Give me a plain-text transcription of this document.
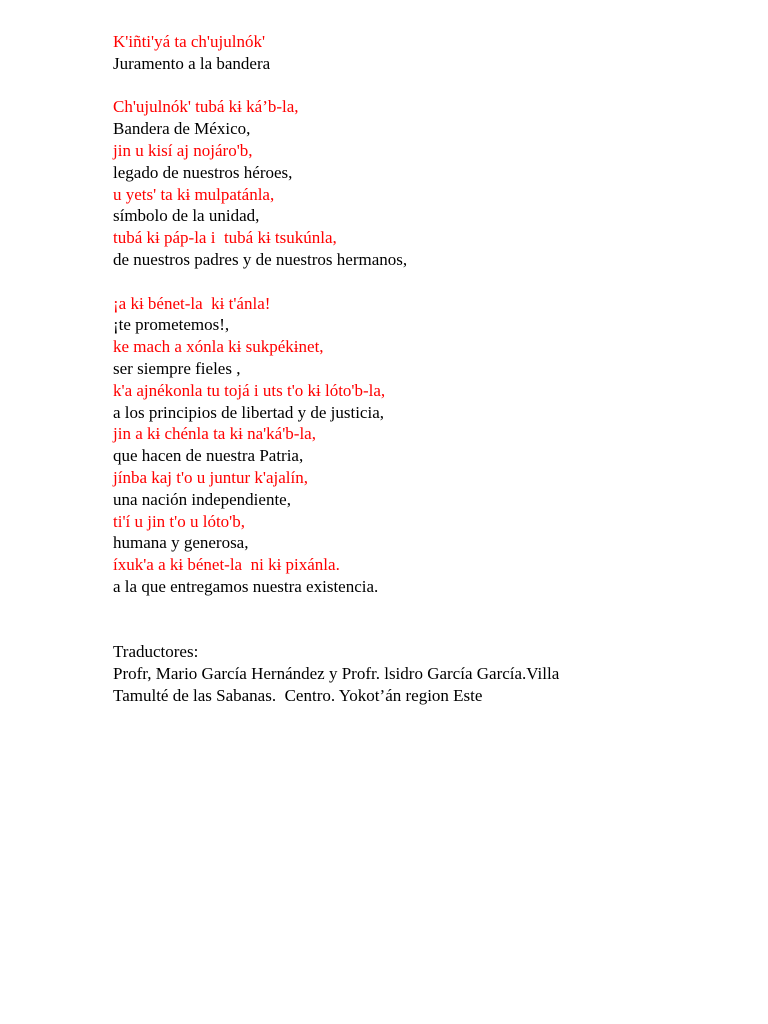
K'iñti'yá ta ch'ujulnók'
Juramento a la bandera
Ch'ujulnók' tubá kɨ ká’b-la,
Bandera de México,
jin u kisí aj nojáro'b,
legado de nuestros héroes,
u yets' ta kɨ mulpatánla,
símbolo de la unidad,
tubá kɨ páp-la i  tubá kɨ tsukúnla,
de nuestros padres y de nuestros hermanos,
¡a kɨ bénet-la  kɨ t'ánla!
¡te prometemos!,
ke mach a xónla kɨ sukpékɨnet,
ser siempre fieles ,
k'a ajnékonla tu tojá i uts t'o kɨ lóto'b-la,
a los principios de libertad y de justicia,
jin a kɨ chénla ta kɨ na'ká'b-la,
que hacen de nuestra Patria,
jínba kaj t'o u juntur k'ajalín,
una nación independiente,
ti'í u jin t'o u lóto'b,
humana y generosa,
íxuk'a a kɨ bénet-la  ni kɨ pixánla.
a la que entregamos nuestra existencia.
Traductores:
Profr, Mario García Hernández y Profr. lsidro García García.Villa
Tamulté de las Sabanas.  Centro. Yokot’án region Este
